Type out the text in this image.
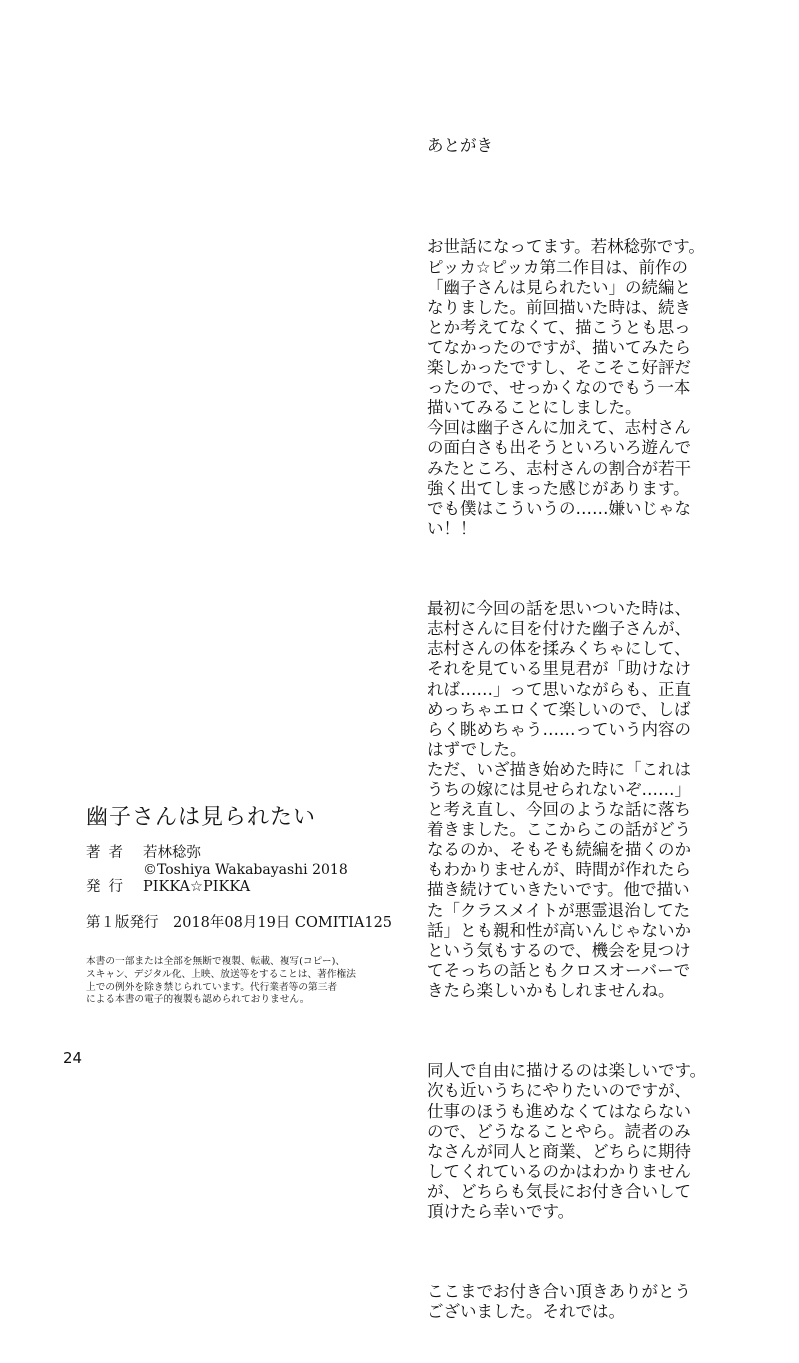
あとがき

お世話になってます。若林稔弥です。
ピッカ☆ピッカ第二作目は、前作の
「幽子さんは見られたい」の続編と
なりました。前回描いた時は、続き
とか考えてなくて、描こうとも思っ
てなかったのですが、描いてみたら
楽しかったですし、そこそこ好評だ
ったので、せっかくなのでもう一本
描いてみることにしました。
今回は幽子さんに加えて、志村さん
の面白さも出そうといろいろ遊んで
みたところ、志村さんの割合が若干
強く出てしまった感じがあります。
でも僕はこういうの……嫌いじゃな
い！！

最初に今回の話を思いついた時は、
志村さんに目を付けた幽子さんが、
志村さんの体を揉みくちゃにして、
それを見ている里見君が「助けなけ
れば……」って思いながらも、正直
めっちゃエロくて楽しいので、しば
らく眺めちゃう……っていう内容の
はずでした。
ただ、いざ描き始めた時に「これは
うちの嫁には見せられないぞ……」
と考え直し、今回のような話に落ち
着きました。ここからこの話がどう
なるのか、そもそも続編を描くのか
もわかりませんが、時間が作れたら
描き続けていきたいです。他で描い
た「クラスメイトが悪霊退治してた
話」とも親和性が高いんじゃないか
という気もするので、機会を見つけ
てそっちの話ともクロスオーバーで
きたら楽しいかもしれませんね。

同人で自由に描けるのは楽しいです。
次も近いうちにやりたいのですが、
仕事のほうも進めなくてはならない
ので、どうなることやら。読者のみ
なさんが同人と商業、どちらに期待
してくれているのかはわかりません
が、どちらも気長にお付き合いして
頂けたら幸いです。

ここまでお付き合い頂きありがとう
ございました。それでは。

幽子さんは見られたい
著者 若林稔弥
©Toshiya Wakabayashi 2018
発行 PIKKA☆PIKKA
第１版発行　2018年08月19日 COMITIA125
本書の一部または全部を無断で複製、転載、複写(コピー)、
スキャン、デジタル化、上映、放送等をすることは、著作権法
上での例外を除き禁じられています。代行業者等の第三者
による本書の電子的複製も認められておりません。
24
